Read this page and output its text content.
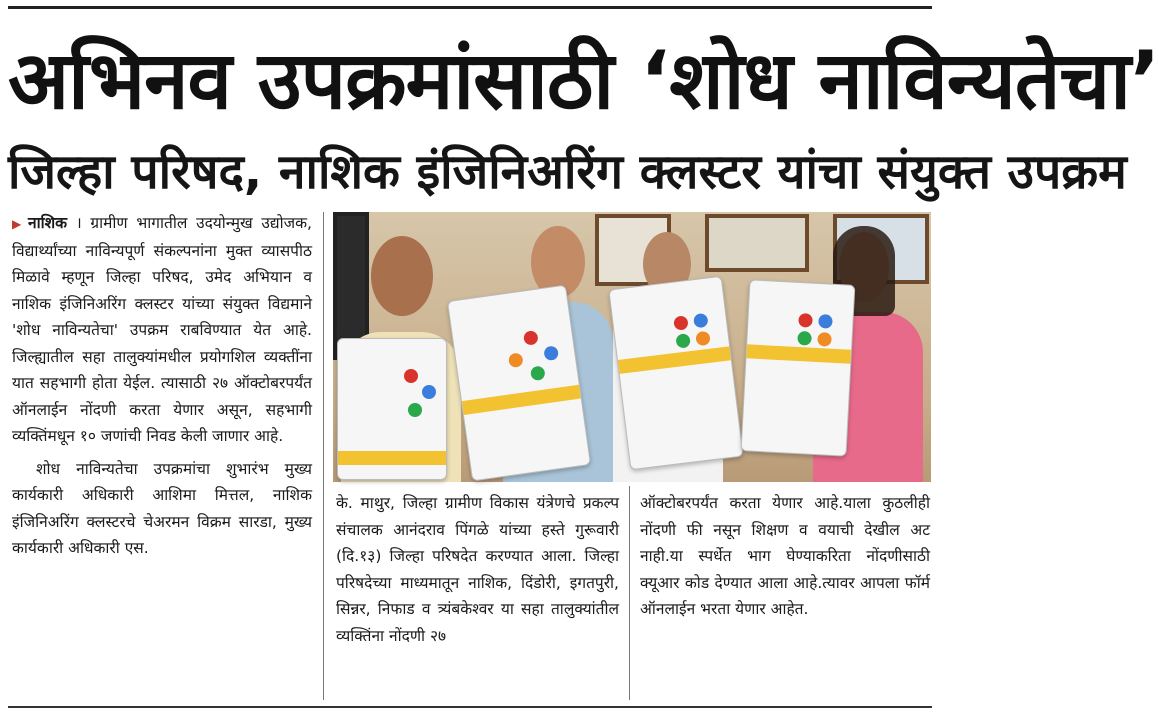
अभिनव उपक्रमांसाठी ‘शोध नाविन्यतेचा’
जिल्हा परिषद, नाशिक इंजिनिअरिंग क्लस्टर यांचा संयुक्त उपक्रम

▶ नाशिक । ग्रामीण भागातील उदयोन्मुख उद्योजक, विद्यार्थ्यांच्या नाविन्यपूर्ण संकल्पनांना मुक्त व्यासपीठ मिळावे म्हणून जिल्हा परिषद, उमेद अभियान व नाशिक इंजिनिअरिंग क्लस्टर यांच्या संयुक्त विद्यमाने 'शोध नाविन्यतेचा' उपक्रम राबविण्यात येत आहे. जिल्ह्यातील सहा तालुक्यांमधील प्रयोगशिल व्यक्तींना यात सहभागी होता येईल. त्यासाठी २७ ऑक्टोबरपर्यंत ऑनलाईन नोंदणी करता येणार असून, सहभागी व्यक्तिंमधून १० जणांची निवड केली जाणार आहे.

शोध नाविन्यतेचा उपक्रमांचा शुभारंभ मुख्य कार्यकारी अधिकारी आशिमा मित्तल, नाशिक इंजिनिअरिंग क्लस्टरचे चेअरमन विक्रम सारडा, मुख्य कार्यकारी अधिकारी एस.

के. माथुर, जिल्हा ग्रामीण विकास यंत्रेणचे प्रकल्प संचालक आनंदराव पिंगळे यांच्या हस्ते गुरूवारी (दि.१३) जिल्हा परिषदेत करण्यात आला. जिल्हा परिषदेच्या माध्यमातून नाशिक, दिंडोरी, इगतपुरी, सिन्नर, निफाड व त्र्यंबकेश्वर या सहा तालुक्यांतील व्यक्तिंना नोंदणी २७
ऑक्टोबरपर्यंत करता येणार आहे.याला कुठलीही नोंदणी फी नसून शिक्षण व वयाची देखील अट नाही.या स्पर्धेत भाग घेण्याकरिता नोंदणीसाठी क्यूआर कोड देण्यात आला आहे.त्यावर आपला फॉर्म ऑनलाईन भरता येणार आहेत.
